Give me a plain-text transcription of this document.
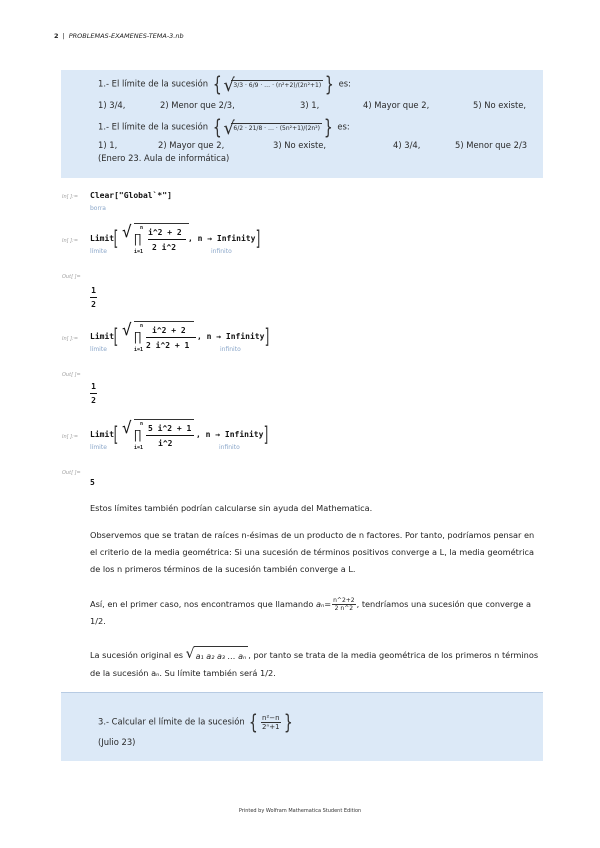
2 | PROBLEMAS-EXAMENES-TEMA-3.nb
1.- El límite de la sucesión { √
3/3 · 6/9 · … · (n²+2)/(2n²+1) } es:
1) 3/4,	2) Menor que 2/3,	3) 1,	4) Mayor que 2,	5) No existe,
1.- El límite de la sucesión { √
6/2 · 21/8 · … · (5n²+1)/(2n²) } es:
1) 1,	2) Mayor que 2,	3) No existe,	4) 3/4,	5) Menor que 2/3
(Enero 23. Aula de informática)
In[ ]:= Clear["Global`*"]
borra
In[ ]:= Limit [ √ n
∏
i=1
i^2 + 2
2 i^2
, n → Infinity ]
límite	infinito
Out[ ]=
1
2
In[ ]:= Limit [ √ n
∏
i=1
i^2 + 2
2 i^2 + 1
, n → Infinity ]
límite	infinito
Out[ ]=
1
2
In[ ]:= Limit [ √ n
∏
i=1
5 i^2 + 1
i^2
, n → Infinity ]
límite	infinito
Out[ ]=
5
Estos límites también podrían calcularse sin ayuda del Mathematica.
Observemos que se tratan de raíces n-ésimas de un producto de n factores. Por tanto, podríamos pensar en el criterio de la media geométrica: Si una sucesión de términos positivos converge a L, la media geométrica de los n primeros términos de la sucesión también converge a L.
Así, en el primer caso, nos encontramos que llamando $a_n= \frac{n\^{}2+2}{2 n\^{}2}$ , tendríamos una sucesión que converge a 1/2.
La sucesión original es √ a₁ a₂ a₃ … aₙ , por tanto se trata de la media geométrica de los primeros n términos de la sucesión aₙ. Su límite también será 1/2.
3.- Calcular el límite de la sucesión { $\frac{\text{n²−n}}{\text{2ⁿ+1}}$ }
(Julio 23)
Printed by Wolfram Mathematica Student Edition
